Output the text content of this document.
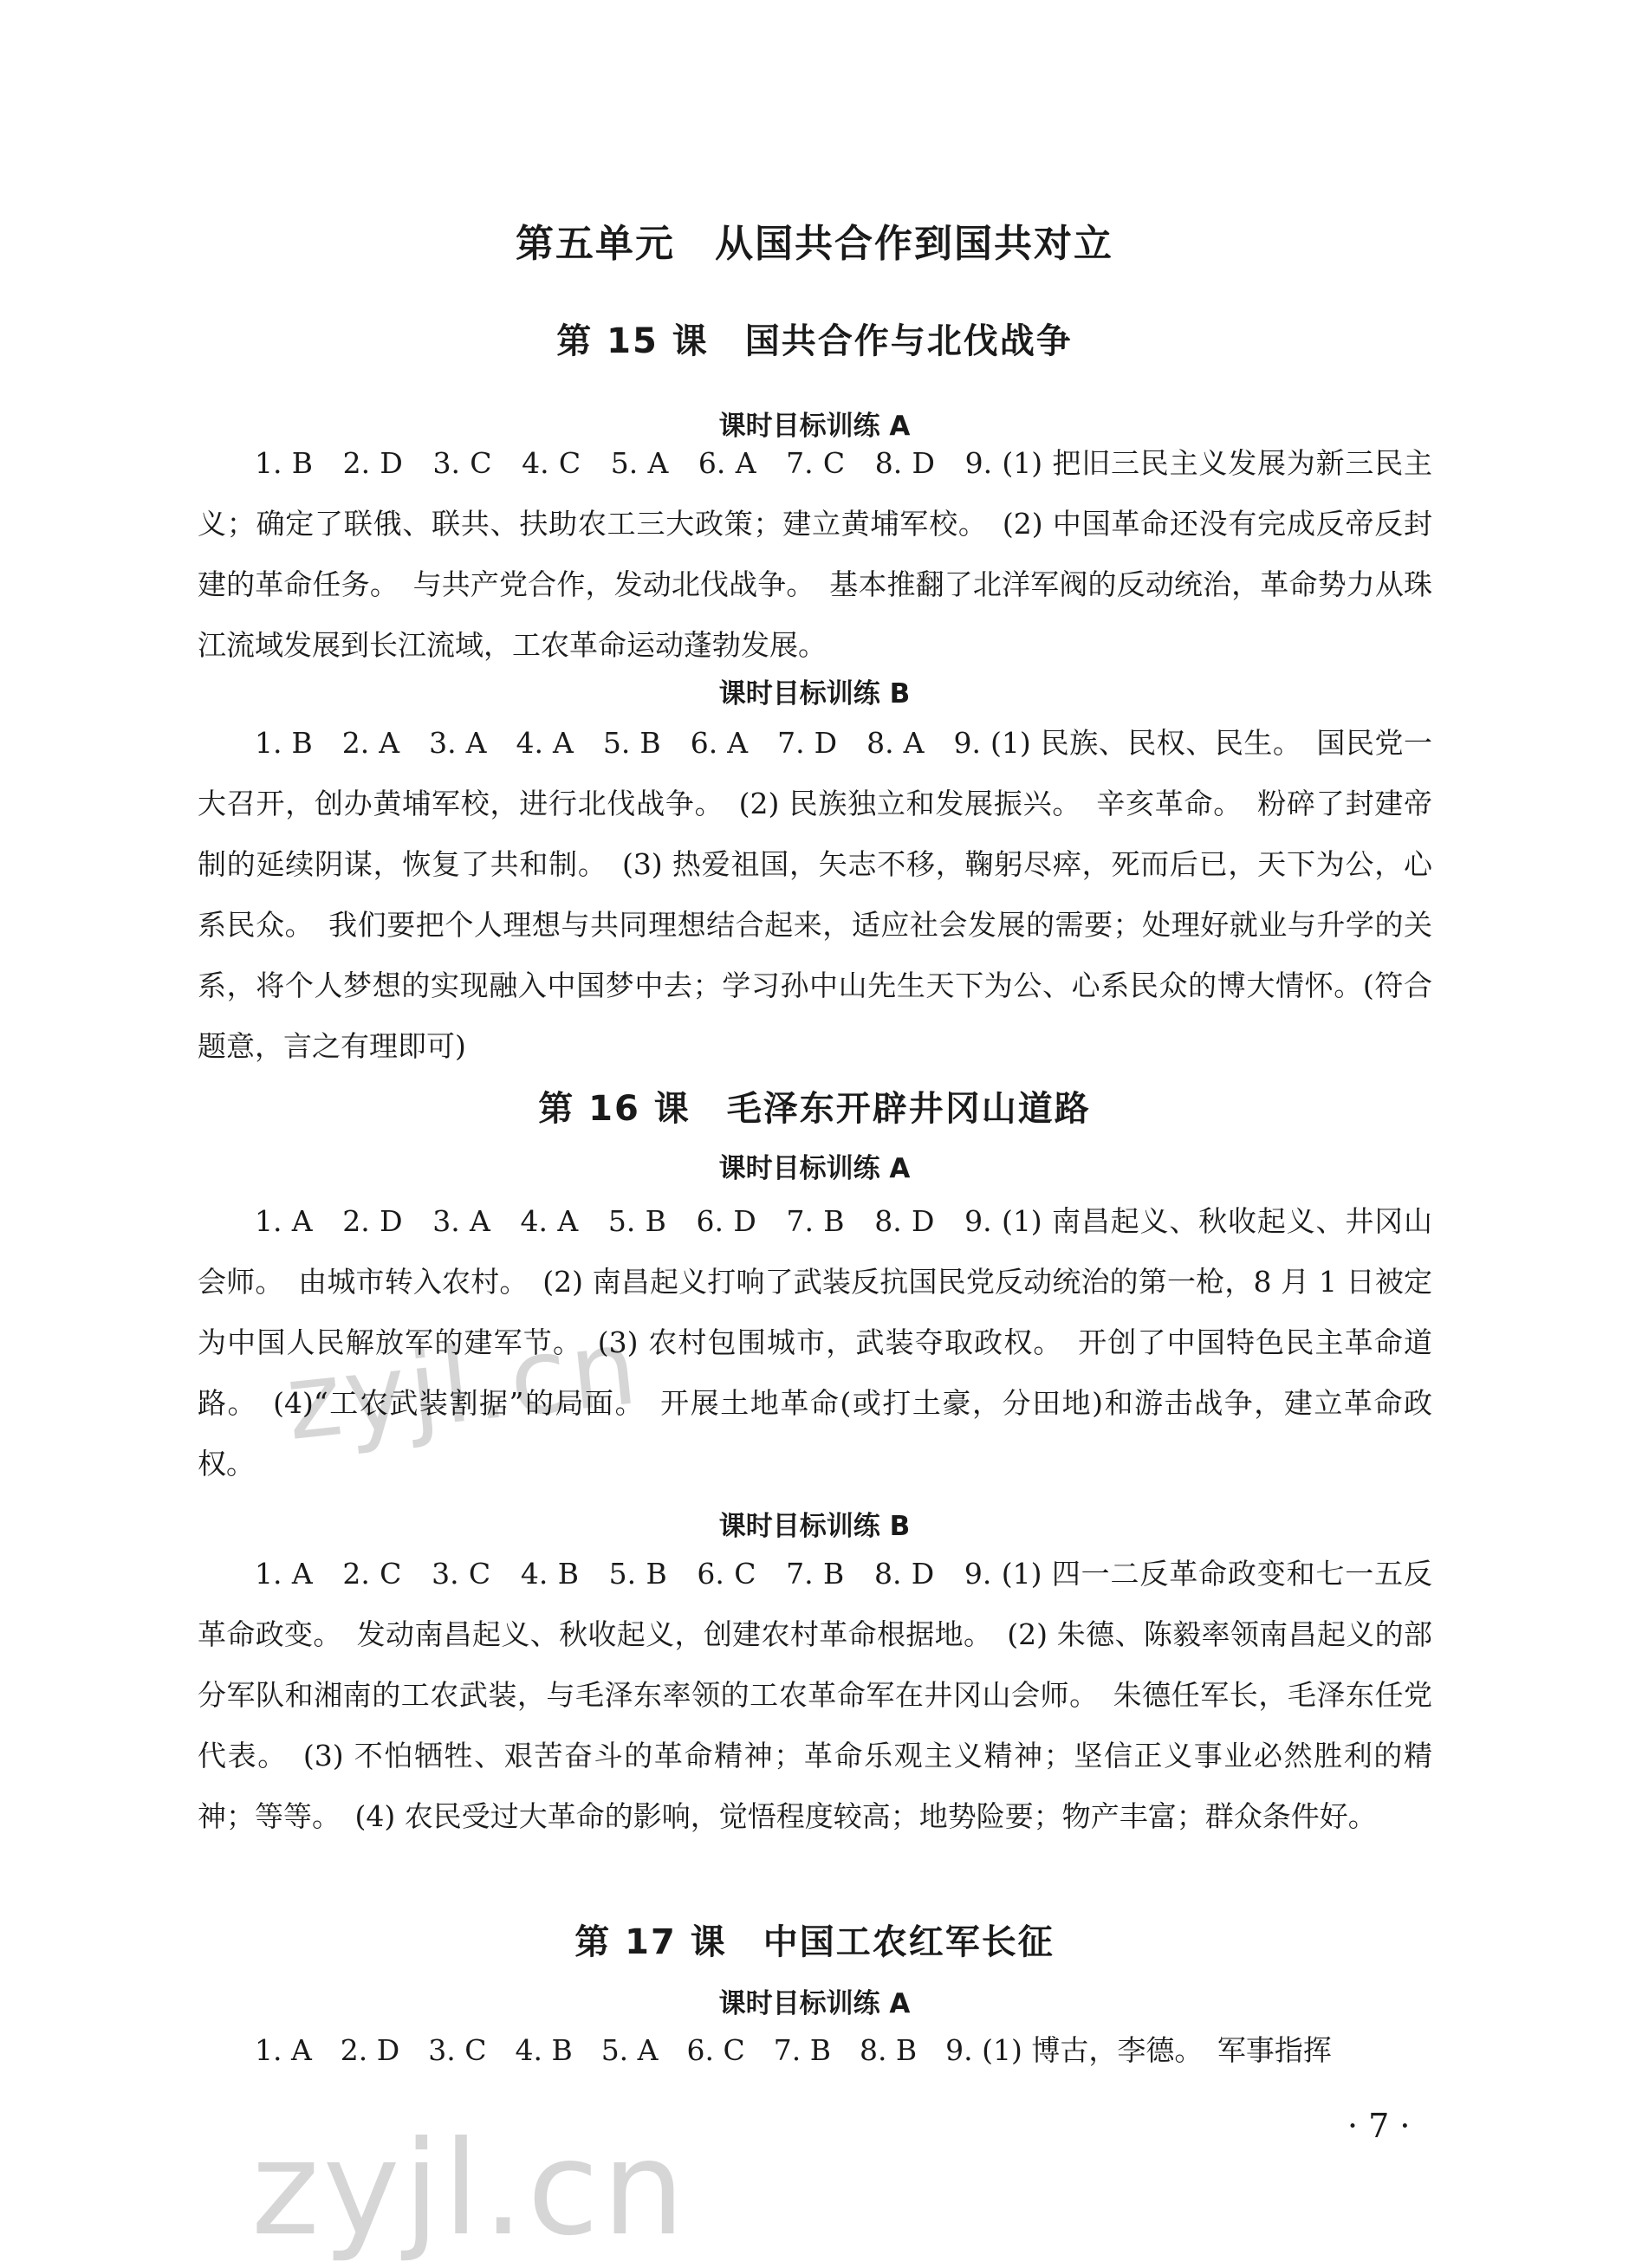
第五单元　从国共合作到国共对立
第 15 课　国共合作与北伐战争
课时目标训练 A
1. B　2. D　3. C　4. C　5. A　6. A　7. C　8. D　9. (1) 把旧三民主义发展为新三民主义；确定了联俄、联共、扶助农工三大政策；建立黄埔军校。　(2) 中国革命还没有完成反帝反封建的革命任务。　与共产党合作，发动北伐战争。　基本推翻了北洋军阀的反动统治，革命势力从珠江流域发展到长江流域，工农革命运动蓬勃发展。
课时目标训练 B
1. B　2. A　3. A　4. A　5. B　6. A　7. D　8. A　9. (1) 民族、民权、民生。　国民党一大召开，创办黄埔军校，进行北伐战争。　(2) 民族独立和发展振兴。　辛亥革命。　粉碎了封建帝制的延续阴谋，恢复了共和制。　(3) 热爱祖国，矢志不移，鞠躬尽瘁，死而后已，天下为公，心系民众。　我们要把个人理想与共同理想结合起来，适应社会发展的需要；处理好就业与升学的关系，将个人梦想的实现融入中国梦中去；学习孙中山先生天下为公、心系民众的博大情怀。(符合题意，言之有理即可)
第 16 课　毛泽东开辟井冈山道路
课时目标训练 A
1. A　2. D　3. A　4. A　5. B　6. D　7. B　8. D　9. (1) 南昌起义、秋收起义、井冈山会师。　由城市转入农村。　(2) 南昌起义打响了武装反抗国民党反动统治的第一枪，8 月 1 日被定为中国人民解放军的建军节。　(3) 农村包围城市，武装夺取政权。　开创了中国特色民主革命道路。　(4)“工农武装割据”的局面。　开展土地革命(或打土豪，分田地)和游击战争，建立革命政权。
课时目标训练 B
1. A　2. C　3. C　4. B　5. B　6. C　7. B　8. D　9. (1) 四一二反革命政变和七一五反革命政变。　发动南昌起义、秋收起义，创建农村革命根据地。　(2) 朱德、陈毅率领南昌起义的部分军队和湘南的工农武装，与毛泽东率领的工农革命军在井冈山会师。　朱德任军长，毛泽东任党代表。　(3) 不怕牺牲、艰苦奋斗的革命精神；革命乐观主义精神；坚信正义事业必然胜利的精神；等等。　(4) 农民受过大革命的影响，觉悟程度较高；地势险要；物产丰富；群众条件好。
第 17 课　中国工农红军长征
课时目标训练 A
1. A　2. D　3. C　4. B　5. A　6. C　7. B　8. B　9. (1) 博古，李德。　军事指挥
· 7 ·
zyjl.cn
zyjl.cn
